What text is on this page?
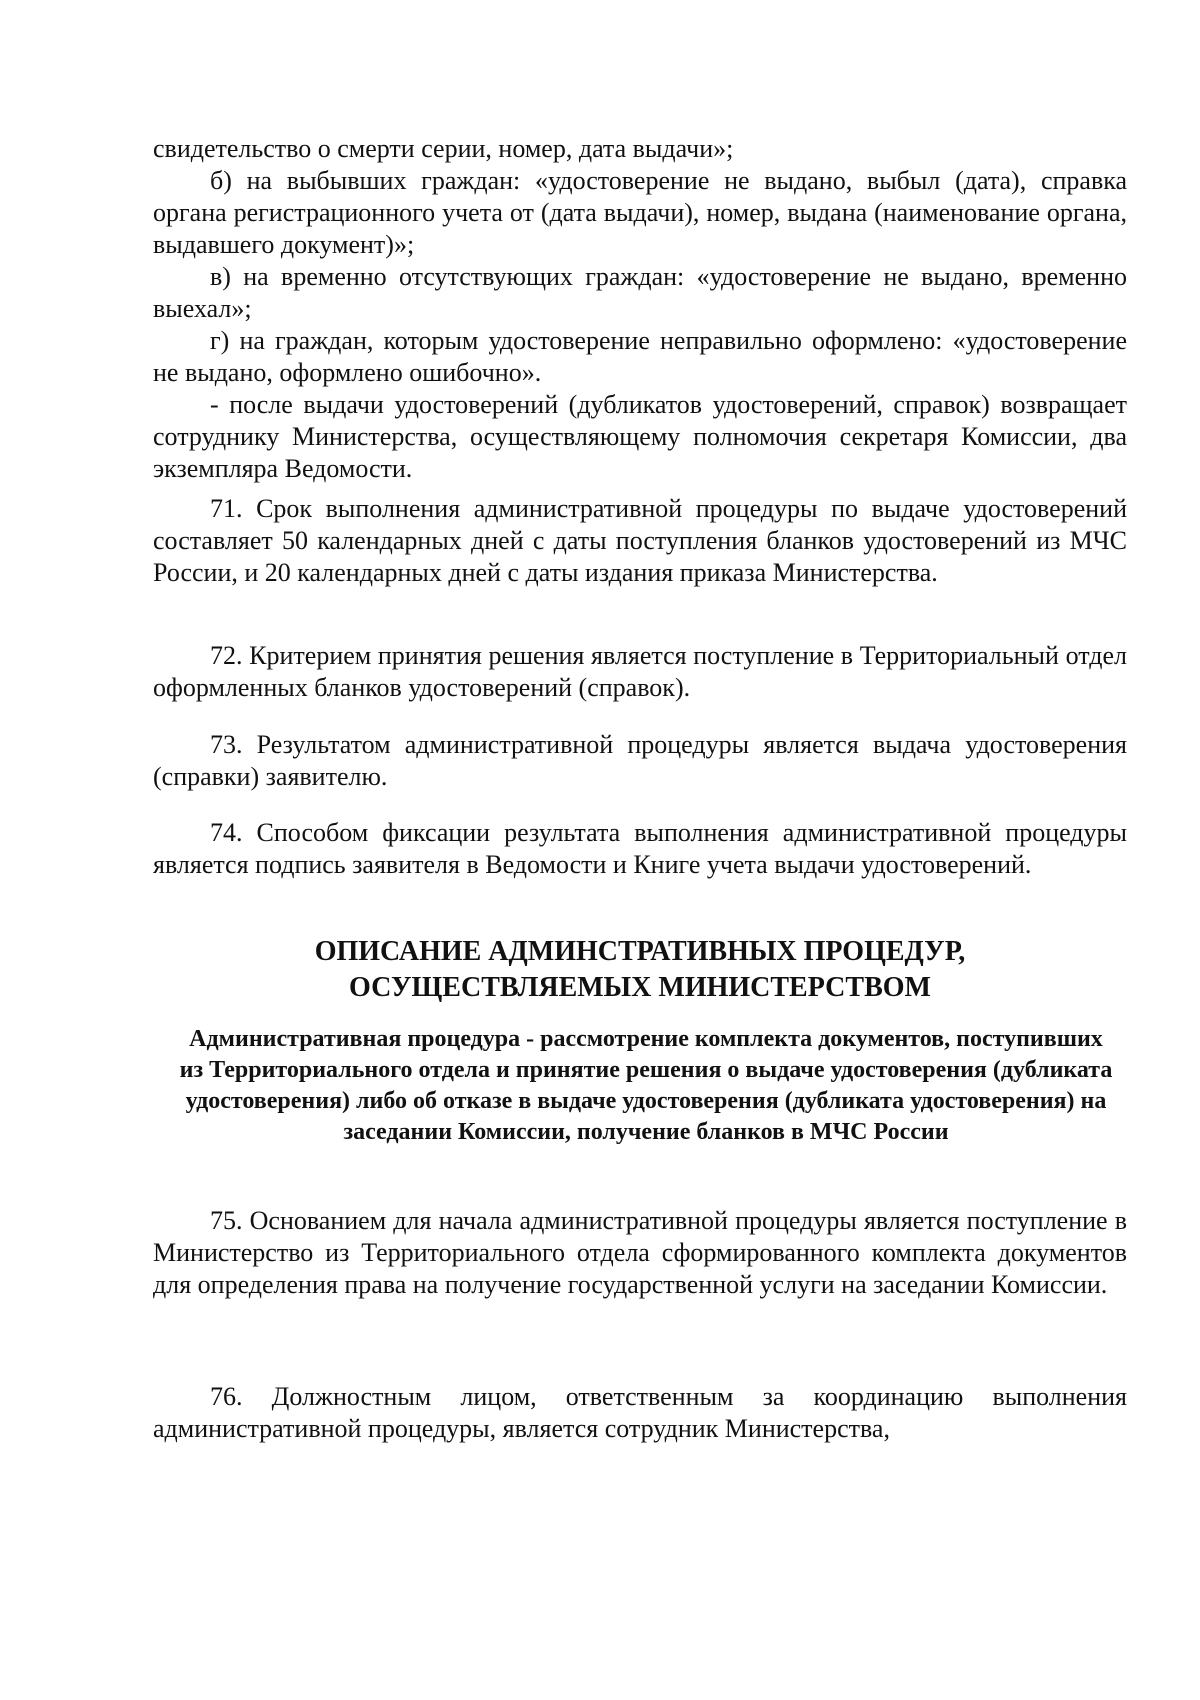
свидетельство о смерти серии, номер, дата выдачи»;

б) на выбывших граждан: «удостоверение не выдано, выбыл (дата), справка органа регистрационного учета от (дата выдачи), номер, выдана (наименование органа, выдавшего документ)»;

в) на временно отсутствующих граждан: «удостоверение не выдано, временно выехал»;

г) на граждан, которым удостоверение неправильно оформлено: «удостоверение не выдано, оформлено ошибочно».

- после выдачи удостоверений (дубликатов удостоверений, справок) возвращает сотруднику Министерства, осуществляющему полномочия секретаря Комиссии, два экземпляра Ведомости.

71. Срок выполнения административной процедуры по выдаче удостоверений составляет 50 календарных дней с даты поступления бланков удостоверений из МЧС России, и 20 календарных дней с даты издания приказа Министерства.

72. Критерием принятия решения является поступление в Территориальный отдел оформленных бланков удостоверений (справок).

73. Результатом административной процедуры является выдача удостоверения (справки) заявителю.

74. Способом фиксации результата выполнения административной процедуры является подпись заявителя в Ведомости и Книге учета выдачи удостоверений.

ОПИСАНИЕ АДМИНСТРАТИВНЫХ ПРОЦЕДУР,

ОСУЩЕСТВЛЯЕМЫХ МИНИСТЕРСТВОМ

Административная процедура - рассмотрение комплекта документов, поступивших из Территориального отдела и принятие решения о выдаче удостоверения (дубликата удостоверения) либо об отказе в выдаче удостоверения (дубликата удостоверения) на заседании Комиссии, получение бланков в МЧС России

75. Основанием для начала административной процедуры является поступление в Министерство из Территориального отдела сформированного комплекта документов для определения права на получение государственной услуги на заседании Комиссии.

76. Должностным лицом, ответственным за координацию выполнения административной процедуры, является сотрудник Министерства,
